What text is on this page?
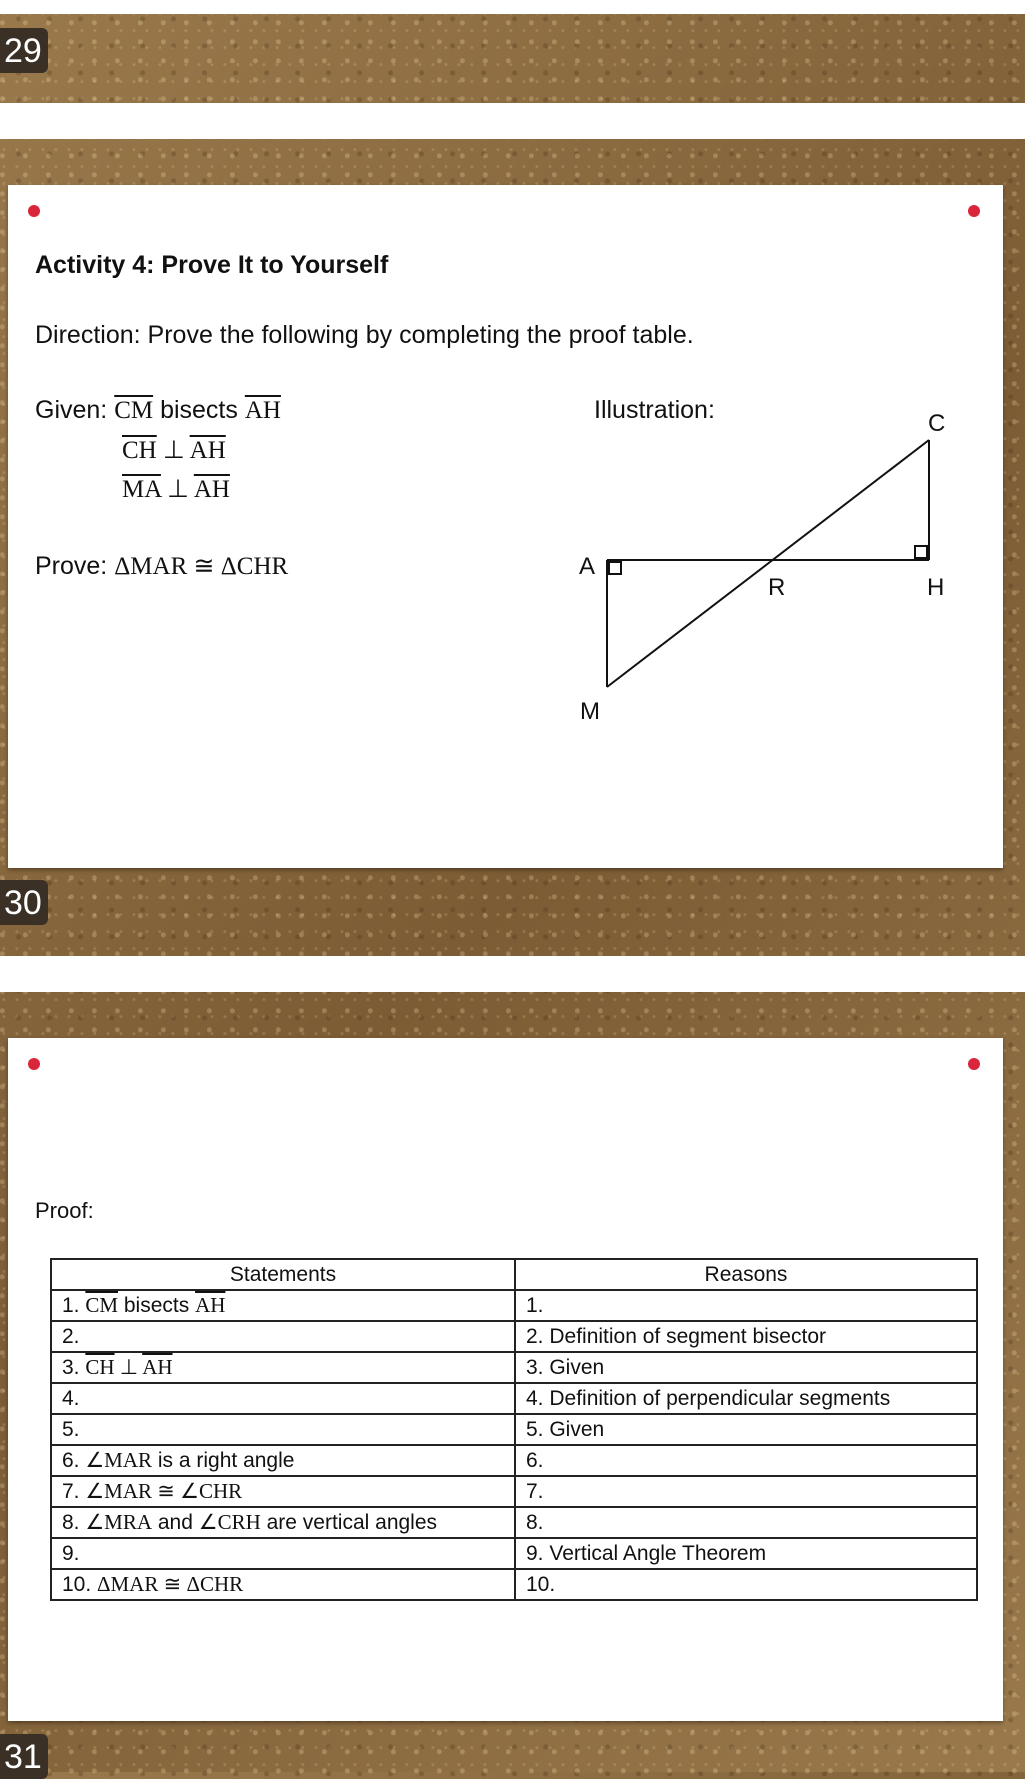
29
30
31
Activity 4: Prove It to Yourself
Direction: Prove the following by completing the proof table.
Given: $\overline{CM}$ bisects $\overline{AH}$
$\overline{CH}$ ⊥ $\overline{AH}$
$\overline{MA}$ ⊥ $\overline{AH}$
Prove: ΔMAR ≅ ΔCHR
Illustration:
A
R	H
C
M
Proof:
Statements	Reasons
1. $\overline{CM}$ bisects $\overline{AH}$	1.
2.	2. Definition of segment bisector
3. $\overline{CH}$ ⊥ $\overline{AH}$	3. Given
4.	4. Definition of perpendicular segments
5.	5. Given
6. ∠MAR is a right angle	6.
7. ∠MAR ≅ ∠CHR	7.
8. ∠MRA and ∠CRH are vertical angles	8.
9.	9. Vertical Angle Theorem
10. ΔMAR ≅ ΔCHR	10.
